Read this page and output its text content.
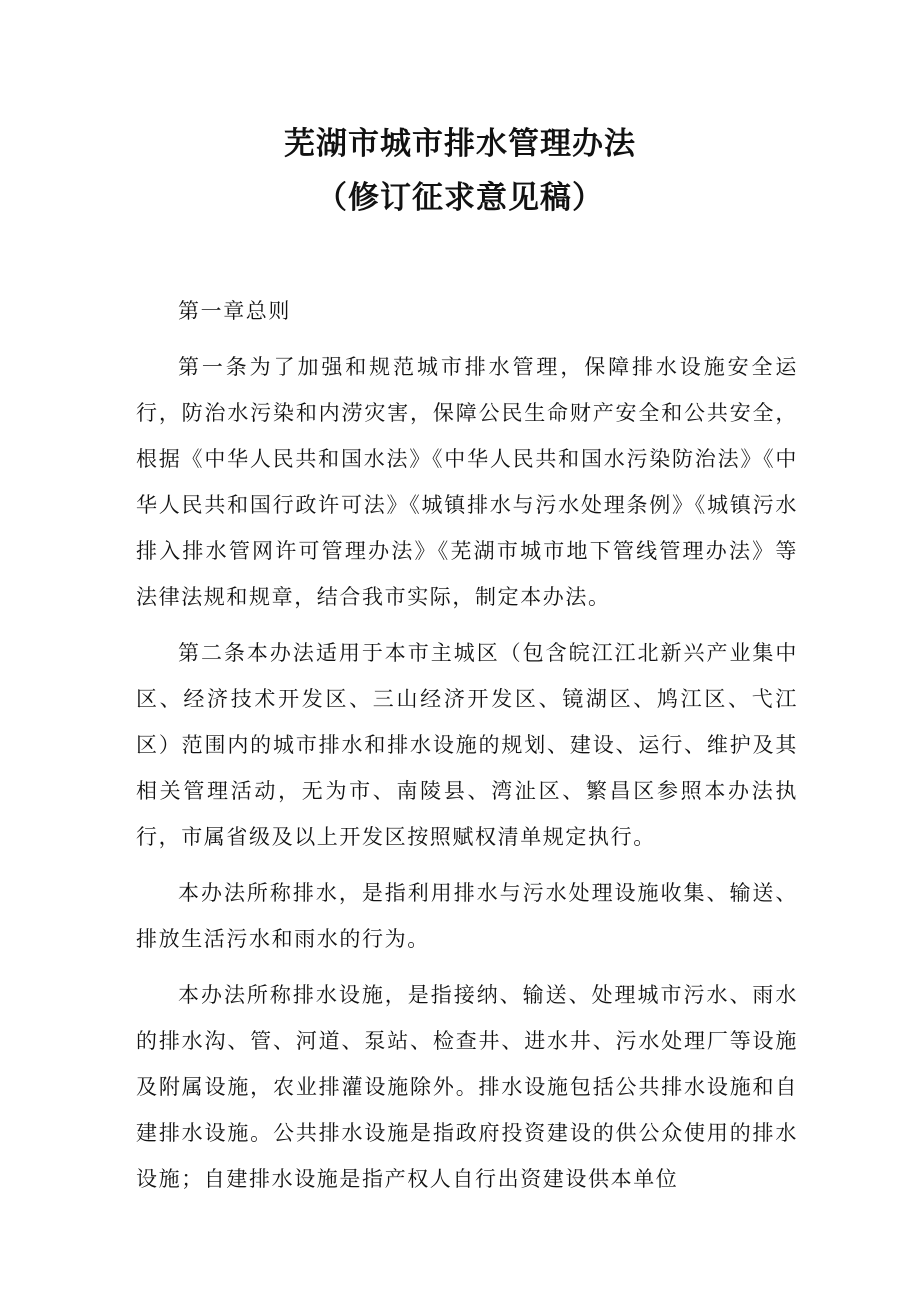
芜湖市城市排水管理办法
（修订征求意见稿）

第一章总则

第一条为了加强和规范城市排水管理，保障排水设施安全运行，防治水污染和内涝灾害，保障公民生命财产安全和公共安全，根据《中华人民共和国水法》《中华人民共和国水污染防治法》《中华人民共和国行政许可法》《城镇排水与污水处理条例》《城镇污水排入排水管网许可管理办法》《芜湖市城市地下管线管理办法》等法律法规和规章，结合我市实际，制定本办法。

第二条本办法适用于本市主城区（包含皖江江北新兴产业集中区、经济技术开发区、三山经济开发区、镜湖区、鸠江区、弋江区）范围内的城市排水和排水设施的规划、建设、运行、维护及其相关管理活动，无为市、南陵县、湾沚区、繁昌区参照本办法执行，市属省级及以上开发区按照赋权清单规定执行。

本办法所称排水，是指利用排水与污水处理设施收集、输送、排放生活污水和雨水的行为。

本办法所称排水设施，是指接纳、输送、处理城市污水、雨水的排水沟、管、河道、泵站、检查井、进水井、污水处理厂等设施及附属设施，农业排灌设施除外。排水设施包括公共排水设施和自建排水设施。公共排水设施是指政府投资建设的供公众使用的排水设施；自建排水设施是指产权人自行出资建设供本单位
